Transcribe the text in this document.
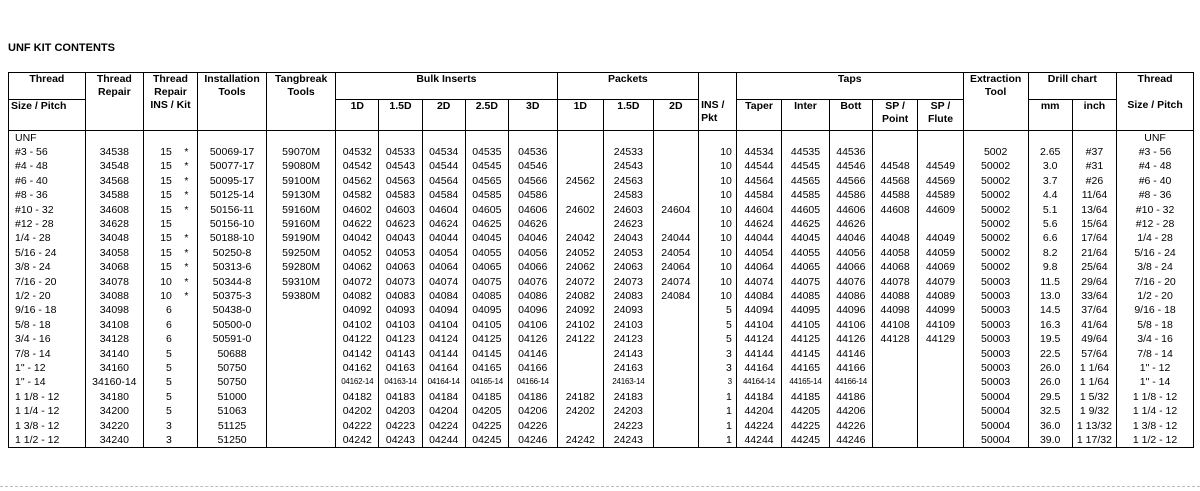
UNF KIT CONTENTS
Thread	Thread Repair	Thread Repair		Installation Tools	Tangbreak Tools	Bulk Inserts					Packets				Taps					Extraction Tool	Drill chart		Thread
Size / Pitch		INS / Kit				1D	1.5D	2D	2.5D	3D	1D	1.5D	2D	INS / Pkt	Taper	Inter	Bott	SP / Point	SP / Flute		mm	inch	Size / Pitch
UNF																							UNF
#3 - 56	34538	15	*	50069-17	59070M	04532	04533	04534	04535	04536		24533		10	44534	44535	44536			5002	2.65	#37	#3 - 56
#4 - 48	34548	15	*	50077-17	59080M	04542	04543	04544	04545	04546		24543		10	44544	44545	44546	44548	44549	50002	3.0	#31	#4 - 48
#6 - 40	34568	15	*	50095-17	59100M	04562	04563	04564	04565	04566	24562	24563		10	44564	44565	44566	44568	44569	50002	3.7	#26	#6 - 40
#8 - 36	34588	15	*	50125-14	59130M	04582	04583	04584	04585	04586		24583		10	44584	44585	44586	44588	44589	50002	4.4	11/64	#8 - 36
#10 - 32	34608	15	*	50156-11	59160M	04602	04603	04604	04605	04606	24602	24603	24604	10	44604	44605	44606	44608	44609	50002	5.1	13/64	#10 - 32
#12 - 28	34628	15		50156-10	59160M	04622	04623	04624	04625	04626		24623		10	44624	44625	44626			50002	5.6	15/64	#12 - 28
1/4 - 28	34048	15	*	50188-10	59190M	04042	04043	04044	04045	04046	24042	24043	24044	10	44044	44045	44046	44048	44049	50002	6.6	17/64	1/4 - 28
5/16 - 24	34058	15	*	50250-8	59250M	04052	04053	04054	04055	04056	24052	24053	24054	10	44054	44055	44056	44058	44059	50002	8.2	21/64	5/16 - 24
3/8 - 24	34068	15	*	50313-6	59280M	04062	04063	04064	04065	04066	24062	24063	24064	10	44064	44065	44066	44068	44069	50002	9.8	25/64	3/8 - 24
7/16 - 20	34078	10	*	50344-8	59310M	04072	04073	04074	04075	04076	24072	24073	24074	10	44074	44075	44076	44078	44079	50003	11.5	29/64	7/16 - 20
1/2 - 20	34088	10	*	50375-3	59380M	04082	04083	04084	04085	04086	24082	24083	24084	10	44084	44085	44086	44088	44089	50003	13.0	33/64	1/2 - 20
9/16 - 18	34098	6		50438-0		04092	04093	04094	04095	04096	24092	24093		5	44094	44095	44096	44098	44099	50003	14.5	37/64	9/16 - 18
5/8 - 18	34108	6		50500-0		04102	04103	04104	04105	04106	24102	24103		5	44104	44105	44106	44108	44109	50003	16.3	41/64	5/8 - 18
3/4 - 16	34128	6		50591-0		04122	04123	04124	04125	04126	24122	24123		5	44124	44125	44126	44128	44129	50003	19.5	49/64	3/4 - 16
7/8 - 14	34140	5		50688		04142	04143	04144	04145	04146		24143		3	44144	44145	44146			50003	22.5	57/64	7/8 - 14
1" - 12	34160	5		50750		04162	04163	04164	04165	04166		24163		3	44164	44165	44166			50003	26.0	1 1/64	1" - 12
1" - 14	34160-14	5		50750		04162-14	04163-14	04164-14	04165-14	04166-14		24163-14		3	44164-14	44165-14	44166-14			50003	26.0	1 1/64	1" - 14
1 1/8 - 12	34180	5		51000		04182	04183	04184	04185	04186	24182	24183		1	44184	44185	44186			50004	29.5	1 5/32	1 1/8 - 12
1 1/4 - 12	34200	5		51063		04202	04203	04204	04205	04206	24202	24203		1	44204	44205	44206			50004	32.5	1 9/32	1 1/4 - 12
1 3/8 - 12	34220	3		51125		04222	04223	04224	04225	04226		24223		1	44224	44225	44226			50004	36.0	1 13/32	1 3/8 - 12
1 1/2 - 12	34240	3		51250		04242	04243	04244	04245	04246	24242	24243		1	44244	44245	44246			50004	39.0	1 17/32	1 1/2 - 12
